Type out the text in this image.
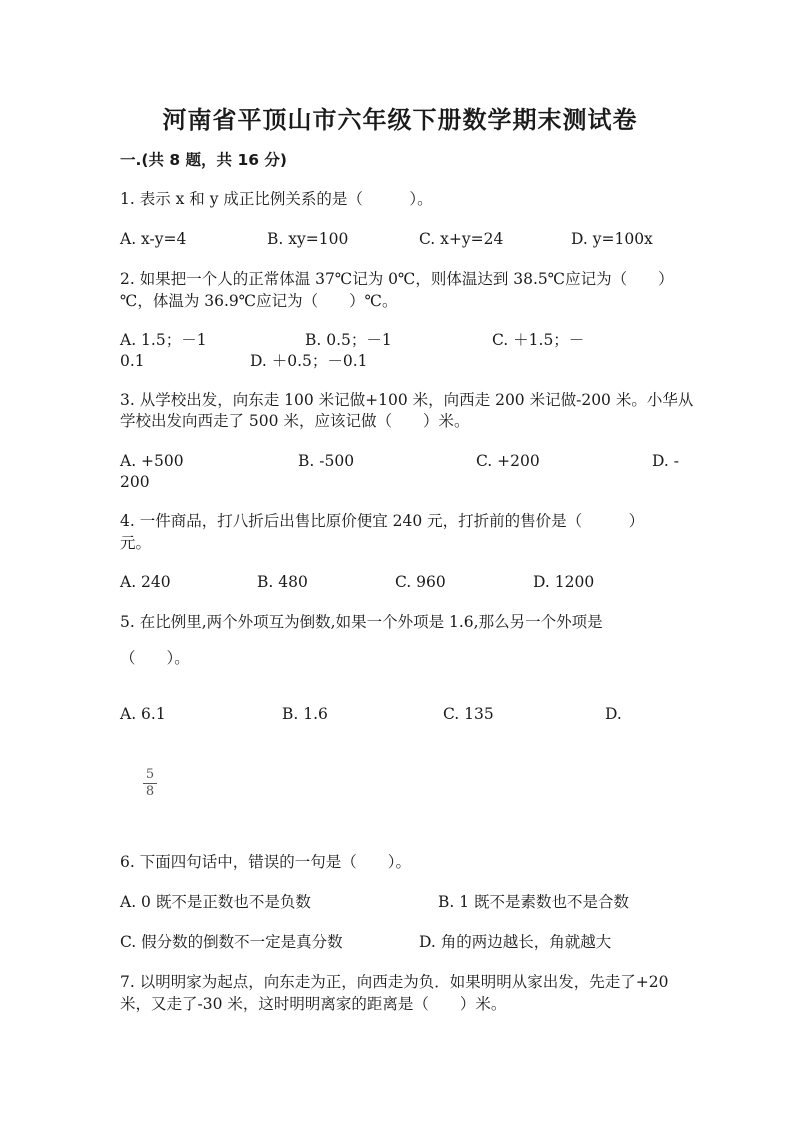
河南省平顶山市六年级下册数学期末测试卷
一.(共 8 题，共 16 分)
1. 表示 x 和 y 成正比例关系的是（　　　）。
A. x-y=4	B. xy=100	C. x+y=24	D. y=100x
2. 如果把一个人的正常体温 37℃记为 0℃，则体温达到 38.5℃应记为（　　）
℃，体温为 36.9℃应记为（　　）℃。
A. 1.5；－1	B. 0.5；－1	C. ＋1.5；－
0.1	D. ＋0.5；－0.1
3. 从学校出发，向东走 100 米记做+100 米，向西走 200 米记做-200 米。小华从
学校出发向西走了 500 米，应该记做（　　）米。
A. +500	B. -500	C. +200	D. -
200
4. 一件商品，打八折后出售比原价便宜 240 元，打折前的售价是（　　　）
元。
A. 240	B. 480	C. 960	D. 1200
5. 在比例里,两个外项互为倒数,如果一个外项是 1.6,那么另一个外项是
（　　）。
A. 6.1	B. 1.6	C. 135	D.
5
8
6. 下面四句话中，错误的一句是（　　）。
A. 0 既不是正数也不是负数	B. 1 既不是素数也不是合数
C. 假分数的倒数不一定是真分数	D. 角的两边越长，角就越大
7. 以明明家为起点，向东走为正，向西走为负．如果明明从家出发，先走了+20
米，又走了-30 米，这时明明离家的距离是（　　）米。
